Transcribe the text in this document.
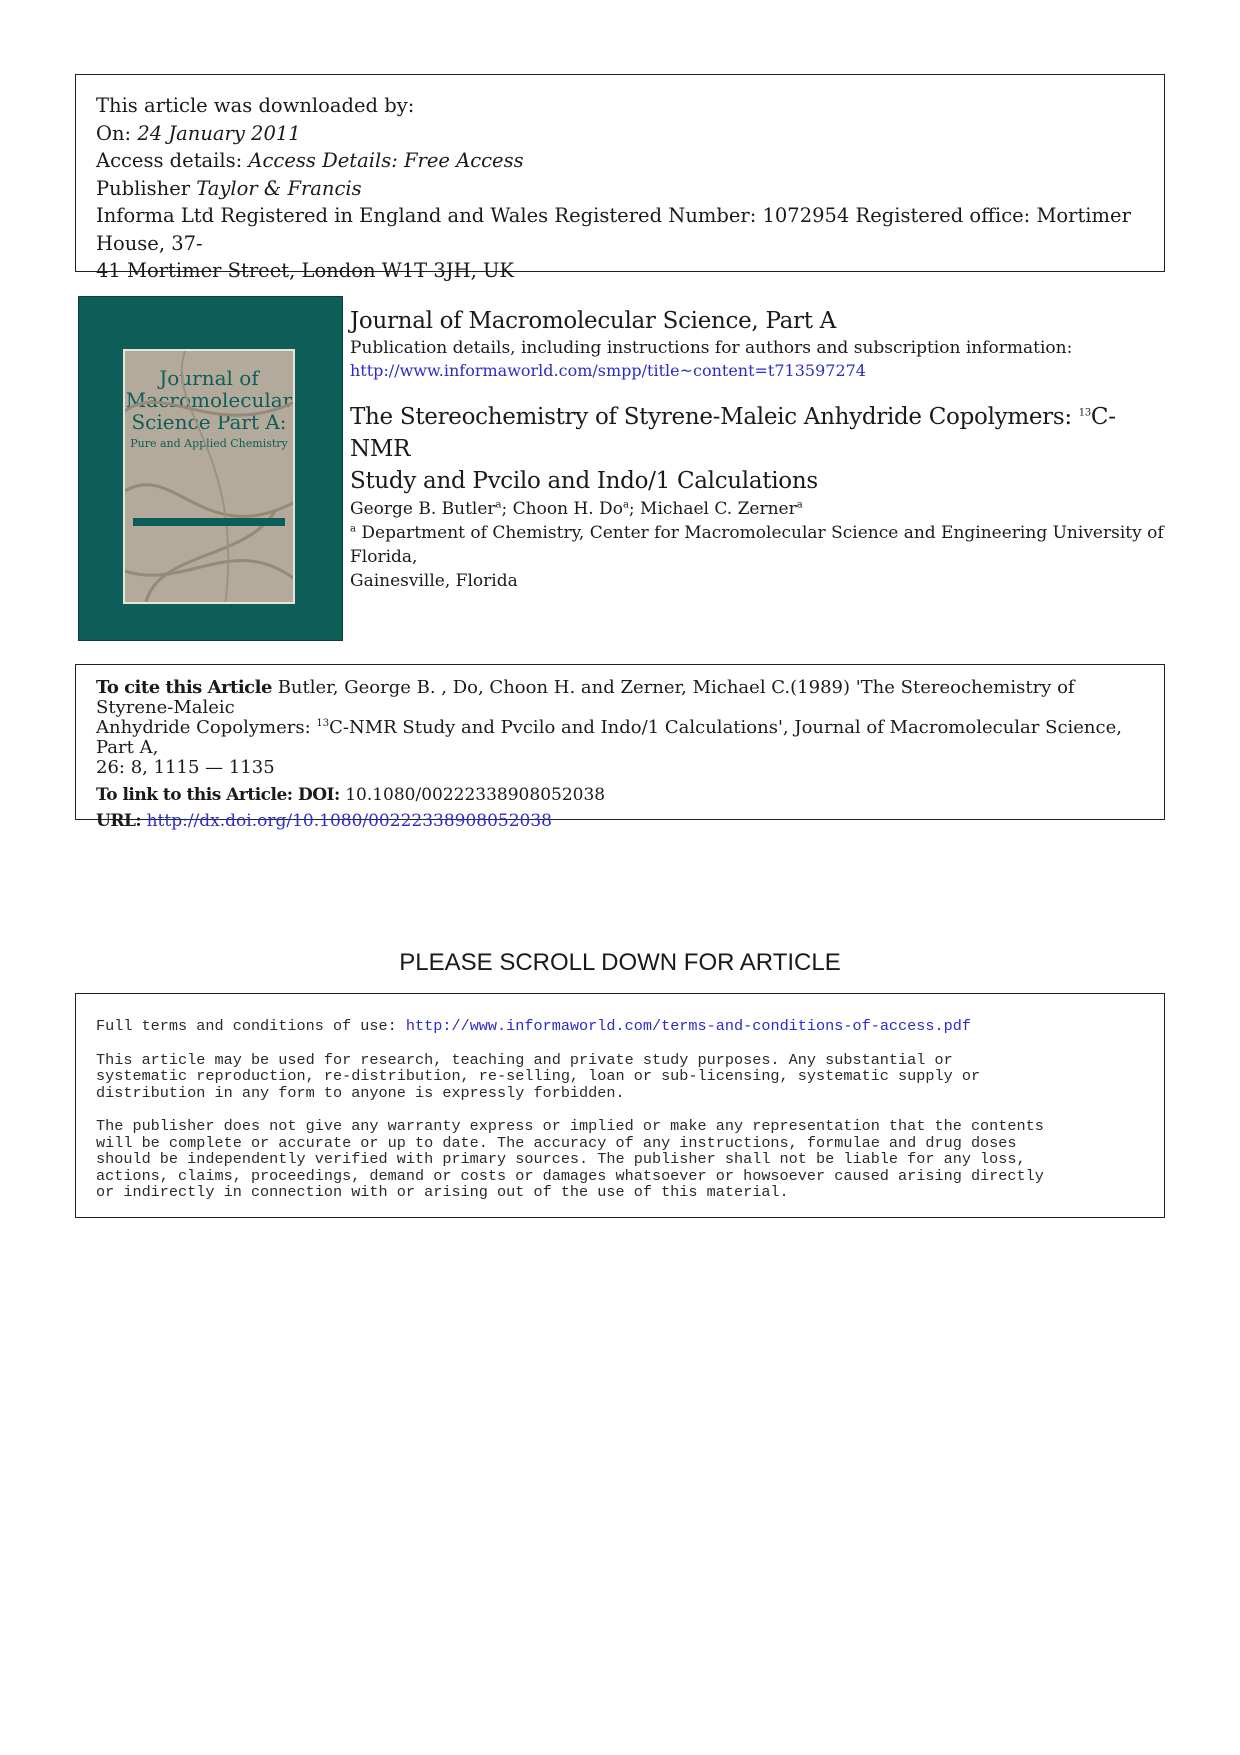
This article was downloaded by:
On: 24 January 2011
Access details: Access Details: Free Access
Publisher Taylor & Francis
Informa Ltd Registered in England and Wales Registered Number: 1072954 Registered office: Mortimer House, 37-
41 Mortimer Street, London W1T 3JH, UK
Journal of
Macromolecular
Science Part A:
Pure and Applied Chemistry
Journal of Macromolecular Science, Part A
Publication details, including instructions for authors and subscription information:
http://www.informaworld.com/smpp/title~content=t713597274
The Stereochemistry of Styrene-Maleic Anhydride Copolymers: $^{13}$C-NMR
Study and Pvcilo and Indo/1 Calculations
George B. Butler$^a$; Choon H. Do$^a$; Michael C. Zerner$^a$
$^a$ Department of Chemistry, Center for Macromolecular Science and Engineering University of Florida,
Gainesville, Florida
To cite this Article Butler, George B. , Do, Choon H. and Zerner, Michael C.(1989) 'The Stereochemistry of Styrene-Maleic
Anhydride Copolymers: $^{13}$C-NMR Study and Pvcilo and Indo/1 Calculations', Journal of Macromolecular Science, Part A,
26: 8, 1115 — 1135
To link to this Article: DOI: 10.1080/00222338908052038
URL: http://dx.doi.org/10.1080/00222338908052038
PLEASE SCROLL DOWN FOR ARTICLE
Full terms and conditions of use: http://www.informaworld.com/terms-and-conditions-of-access.pdf
This article may be used for research, teaching and private study purposes. Any substantial or
systematic reproduction, re-distribution, re-selling, loan or sub-licensing, systematic supply or
distribution in any form to anyone is expressly forbidden.
The publisher does not give any warranty express or implied or make any representation that the contents
will be complete or accurate or up to date. The accuracy of any instructions, formulae and drug doses
should be independently verified with primary sources. The publisher shall not be liable for any loss,
actions, claims, proceedings, demand or costs or damages whatsoever or howsoever caused arising directly
or indirectly in connection with or arising out of the use of this material.
